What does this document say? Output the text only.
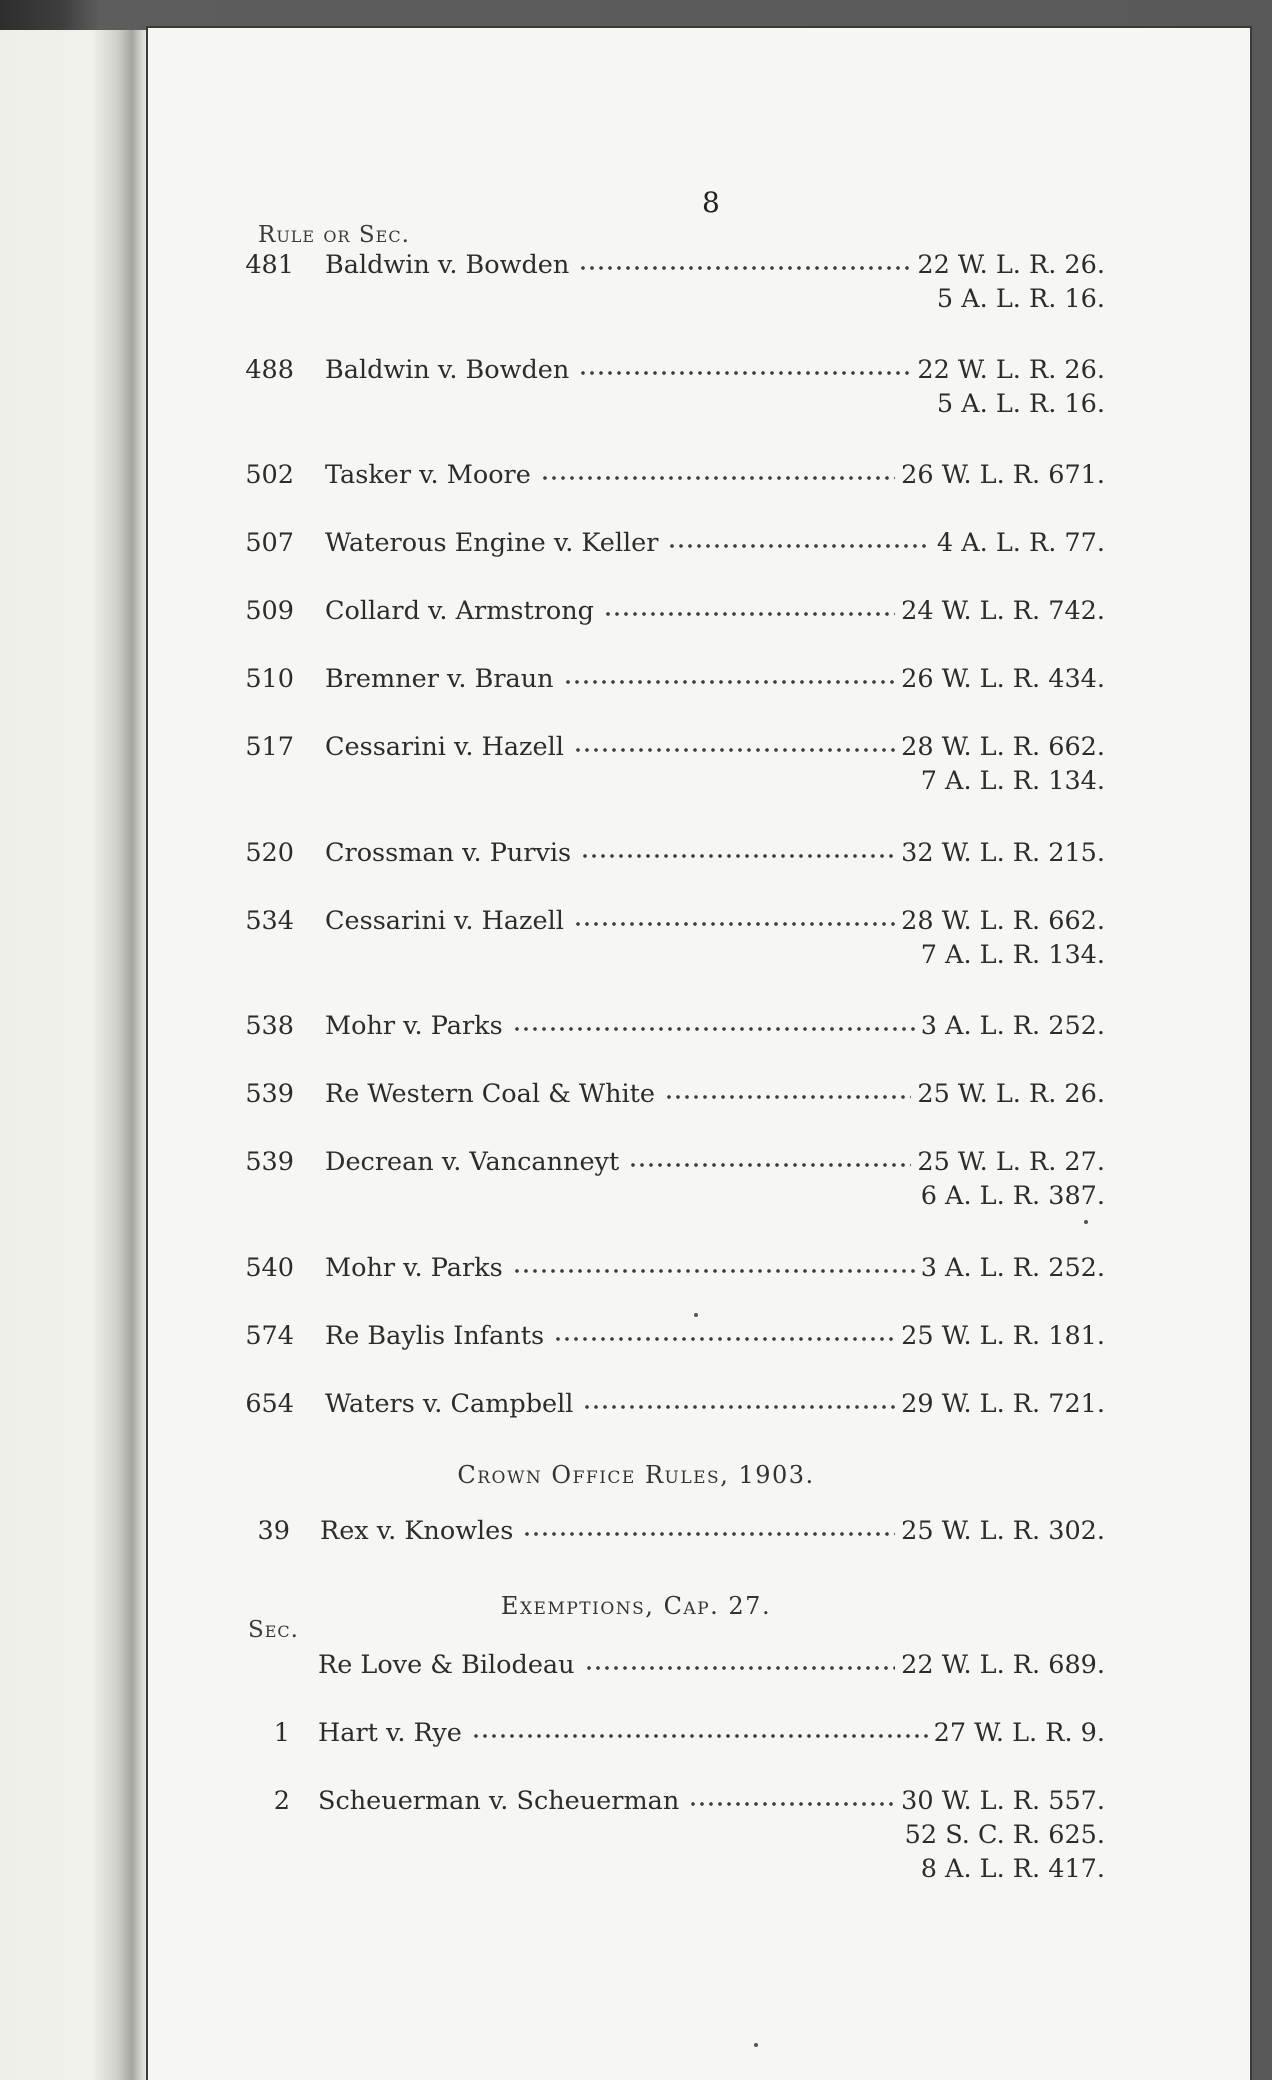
8
Rule or Sec.
481 Baldwin v. Bowden	22 W. L. R. 26.
5 A. L. R. 16.
488 Baldwin v. Bowden	22 W. L. R. 26.
5 A. L. R. 16.
502 Tasker v. Moore	26 W. L. R. 671.
507 Waterous Engine v. Keller	4 A. L. R. 77.
509 Collard v. Armstrong	24 W. L. R. 742.
510 Bremner v. Braun	26 W. L. R. 434.
517 Cessarini v. Hazell	28 W. L. R. 662.
7 A. L. R. 134.
520 Crossman v. Purvis	32 W. L. R. 215.
534 Cessarini v. Hazell	28 W. L. R. 662.
7 A. L. R. 134.
538 Mohr v. Parks	3 A. L. R. 252.
539 Re Western Coal & White	25 W. L. R. 26.
539 Decrean v. Vancanneyt	25 W. L. R. 27.
6 A. L. R. 387.
540 Mohr v. Parks	3 A. L. R. 252.
574 Re Baylis Infants	25 W. L. R. 181.
654 Waters v. Campbell	29 W. L. R. 721.
39 Rex v. Knowles	25 W. L. R. 302.
Re Love & Bilodeau	22 W. L. R. 689.
1 Hart v. Rye	27 W. L. R. 9.
2 Scheuerman v. Scheuerman	30 W. L. R. 557.
52 S. C. R. 625.
8 A. L. R. 417.
Crown Office Rules, 1903.
Exemptions, Cap. 27.
Sec.
